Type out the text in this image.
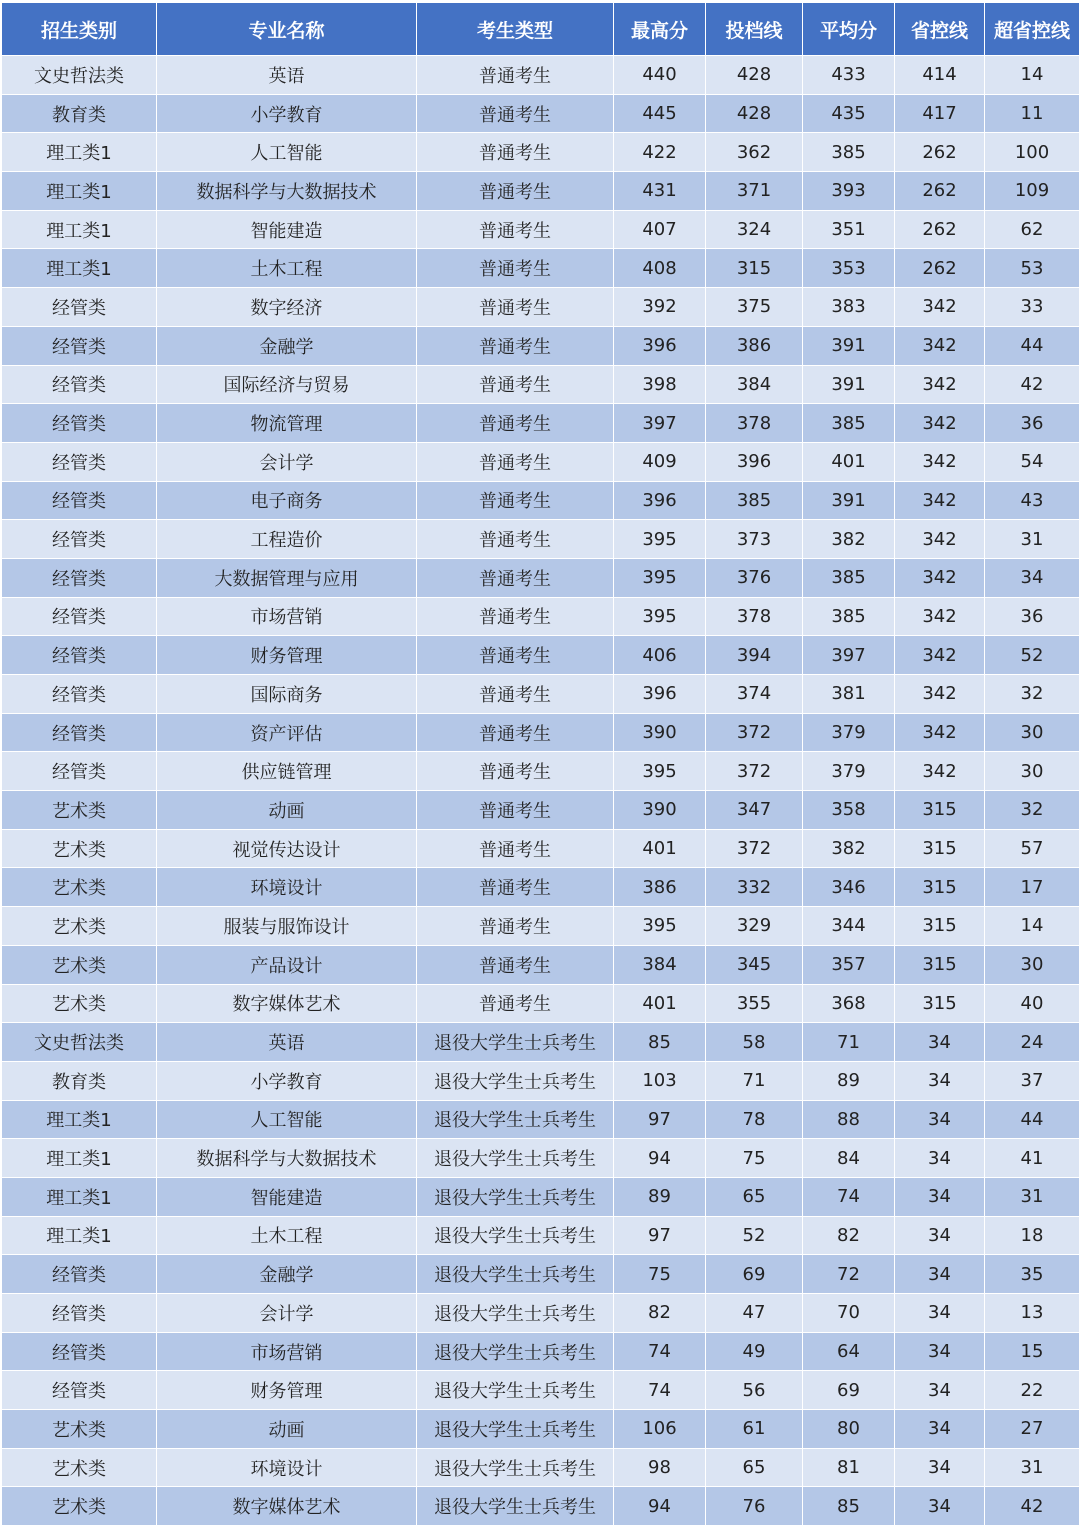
招生类别	专业名称	考生类型	最高分	投档线	平均分	省控线	超省控线
文史哲法类	英语	普通考生	440	428	433	414	14
教育类	小学教育	普通考生	445	428	435	417	11
理工类1	人工智能	普通考生	422	362	385	262	100
理工类1	数据科学与大数据技术	普通考生	431	371	393	262	109
理工类1	智能建造	普通考生	407	324	351	262	62
理工类1	土木工程	普通考生	408	315	353	262	53
经管类	数字经济	普通考生	392	375	383	342	33
经管类	金融学	普通考生	396	386	391	342	44
经管类	国际经济与贸易	普通考生	398	384	391	342	42
经管类	物流管理	普通考生	397	378	385	342	36
经管类	会计学	普通考生	409	396	401	342	54
经管类	电子商务	普通考生	396	385	391	342	43
经管类	工程造价	普通考生	395	373	382	342	31
经管类	大数据管理与应用	普通考生	395	376	385	342	34
经管类	市场营销	普通考生	395	378	385	342	36
经管类	财务管理	普通考生	406	394	397	342	52
经管类	国际商务	普通考生	396	374	381	342	32
经管类	资产评估	普通考生	390	372	379	342	30
经管类	供应链管理	普通考生	395	372	379	342	30
艺术类	动画	普通考生	390	347	358	315	32
艺术类	视觉传达设计	普通考生	401	372	382	315	57
艺术类	环境设计	普通考生	386	332	346	315	17
艺术类	服装与服饰设计	普通考生	395	329	344	315	14
艺术类	产品设计	普通考生	384	345	357	315	30
艺术类	数字媒体艺术	普通考生	401	355	368	315	40
文史哲法类	英语	退役大学生士兵考生	85	58	71	34	24
教育类	小学教育	退役大学生士兵考生	103	71	89	34	37
理工类1	人工智能	退役大学生士兵考生	97	78	88	34	44
理工类1	数据科学与大数据技术	退役大学生士兵考生	94	75	84	34	41
理工类1	智能建造	退役大学生士兵考生	89	65	74	34	31
理工类1	土木工程	退役大学生士兵考生	97	52	82	34	18
经管类	金融学	退役大学生士兵考生	75	69	72	34	35
经管类	会计学	退役大学生士兵考生	82	47	70	34	13
经管类	市场营销	退役大学生士兵考生	74	49	64	34	15
经管类	财务管理	退役大学生士兵考生	74	56	69	34	22
艺术类	动画	退役大学生士兵考生	106	61	80	34	27
艺术类	环境设计	退役大学生士兵考生	98	65	81	34	31
艺术类	数字媒体艺术	退役大学生士兵考生	94	76	85	34	42
